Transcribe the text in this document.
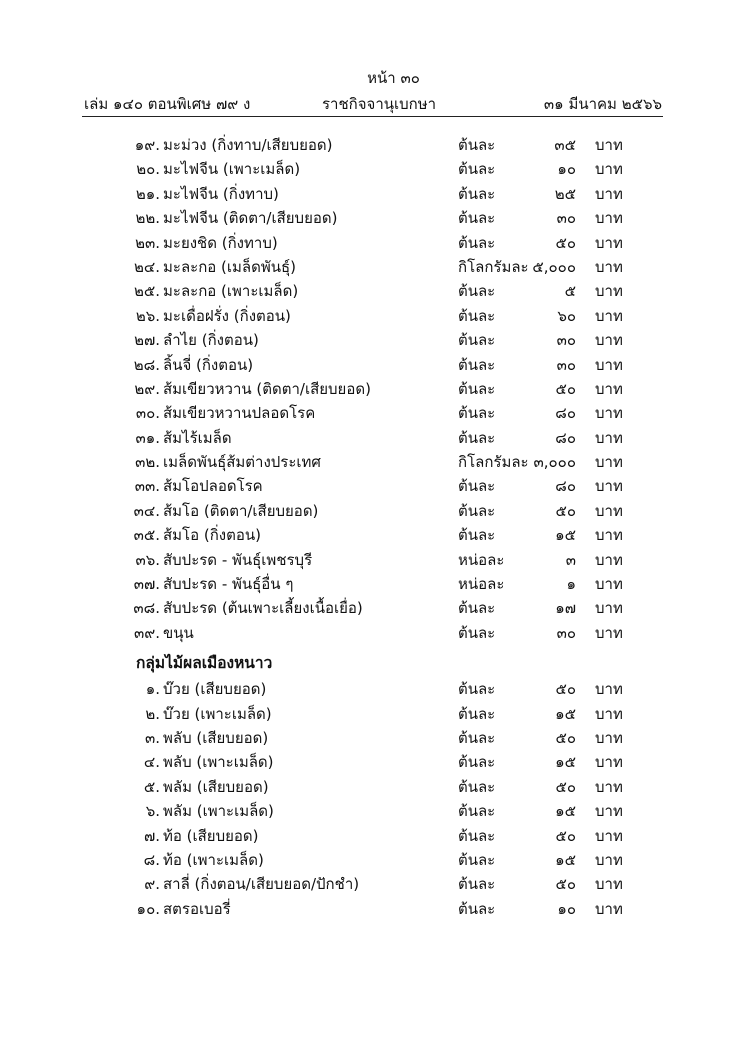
หน้า ๓๐
เล่ม ๑๔๐ ตอนพิเศษ ๗๙ ง	ราชกิจจานุเบกษา	๓๑ มีนาคม ๒๕๖๖
๑๙. มะม่วง (กิ่งทาบ/เสียบยอด)	ต้นละ	๓๕ บาท
๒๐. มะไฟจีน (เพาะเมล็ด)	ต้นละ	๑๐ บาท
๒๑. มะไฟจีน (กิ่งทาบ)	ต้นละ	๒๕ บาท
๒๒. มะไฟจีน (ติดตา/เสียบยอด)	ต้นละ	๓๐ บาท
๒๓. มะยงชิด (กิ่งทาบ)	ต้นละ	๕๐ บาท
๒๔. มะละกอ (เมล็ดพันธุ์)	กิโลกรัมละ ๕,๐๐๐ บาท
๒๕. มะละกอ (เพาะเมล็ด)	ต้นละ	๕ บาท
๒๖. มะเดื่อฝรั่ง (กิ่งตอน)	ต้นละ	๖๐ บาท
๒๗. ลำไย (กิ่งตอน)	ต้นละ	๓๐ บาท
๒๘. ลิ้นจี่ (กิ่งตอน)	ต้นละ	๓๐ บาท
๒๙. ส้มเขียวหวาน (ติดตา/เสียบยอด)	ต้นละ	๕๐ บาท
๓๐. ส้มเขียวหวานปลอดโรค	ต้นละ	๘๐ บาท
๓๑. ส้มไร้เมล็ด	ต้นละ	๘๐ บาท
๓๒. เมล็ดพันธุ์ส้มต่างประเทศ	กิโลกรัมละ ๓,๐๐๐ บาท
๓๓. ส้มโอปลอดโรค	ต้นละ	๘๐ บาท
๓๔. ส้มโอ (ติดตา/เสียบยอด)	ต้นละ	๕๐ บาท
๓๕. ส้มโอ (กิ่งตอน)	ต้นละ	๑๕ บาท
๓๖. สับปะรด - พันธุ์เพชรบุรี	หน่อละ	๓ บาท
๓๗. สับปะรด - พันธุ์อื่น ๆ	หน่อละ	๑ บาท
๓๘. สับปะรด (ต้นเพาะเลี้ยงเนื้อเยื่อ)	ต้นละ	๑๗ บาท
๓๙. ขนุน	ต้นละ	๓๐ บาท
กลุ่มไม้ผลเมืองหนาว
๑. บ๊วย (เสียบยอด)	ต้นละ	๕๐ บาท
๒. บ๊วย (เพาะเมล็ด)	ต้นละ	๑๕ บาท
๓. พลับ (เสียบยอด)	ต้นละ	๕๐ บาท
๔. พลับ (เพาะเมล็ด)	ต้นละ	๑๕ บาท
๕. พลัม (เสียบยอด)	ต้นละ	๕๐ บาท
๖. พลัม (เพาะเมล็ด)	ต้นละ	๑๕ บาท
๗. ท้อ (เสียบยอด)	ต้นละ	๕๐ บาท
๘. ท้อ (เพาะเมล็ด)	ต้นละ	๑๕ บาท
๙. สาลี่ (กิ่งตอน/เสียบยอด/ปักชำ)	ต้นละ	๕๐ บาท
๑๐. สตรอเบอรี่	ต้นละ	๑๐ บาท
